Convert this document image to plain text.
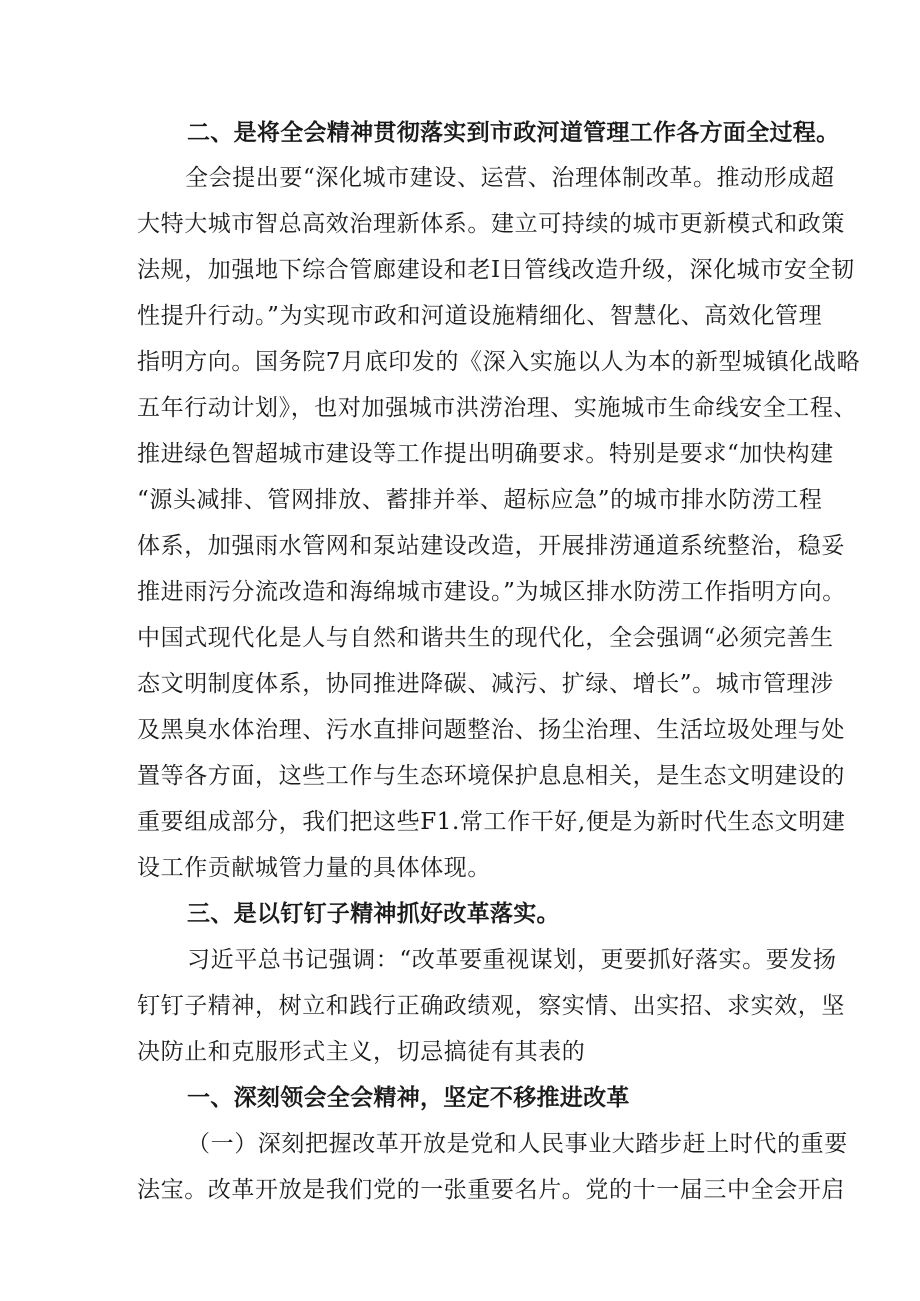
二、是将全会精神贯彻落实到市政河道管理工作各方面全过程。
全会提出要“深化城市建设、运营、治理体制改革。推动形成超
大特大城市智总高效治理新体系。建立可持续的城市更新模式和政策
法规，加强地下综合管廊建设和老I日管线改造升级，深化城市安全韧
性提升行动。”为实现市政和河道设施精细化、智慧化、高效化管理
指明方向。国务院7月底印发的《深入实施以人为本的新型城镇化战略
五年行动计划》，也对加强城市洪涝治理、实施城市生命线安全工程、
推进绿色智超城市建设等工作提出明确要求。特别是要求“加快构建
“源头减排、管网排放、蓄排并举、超标应急”的城市排水防涝工程
体系，加强雨水管网和泵站建设改造，开展排涝通道系统整治，稳妥
推进雨污分流改造和海绵城市建设。”为城区排水防涝工作指明方向。
中国式现代化是人与自然和谐共生的现代化，全会强调“必须完善生
态文明制度体系，协同推进降碳、减污、扩绿、增长”。城市管理涉
及黑臭水体治理、污水直排问题整治、扬尘治理、生活垃圾处理与处
置等各方面，这些工作与生态环境保护息息相关，是生态文明建设的
重要组成部分，我们把这些F1.常工作干好,便是为新时代生态文明建
设工作贡献城管力量的具体体现。
三、是以钉钉子精神抓好改革落实。
习近平总书记强调：“改革要重视谋划，更要抓好落实。要发扬
钉钉子精神，树立和践行正确政绩观，察实情、出实招、求实效，坚
决防止和克服形式主义，切忌搞徒有其表的
一、深刻领会全会精神，坚定不移推进改革
（一）深刻把握改革开放是党和人民事业大踏步赶上时代的重要
法宝。改革开放是我们党的一张重要名片。党的十一届三中全会开启
